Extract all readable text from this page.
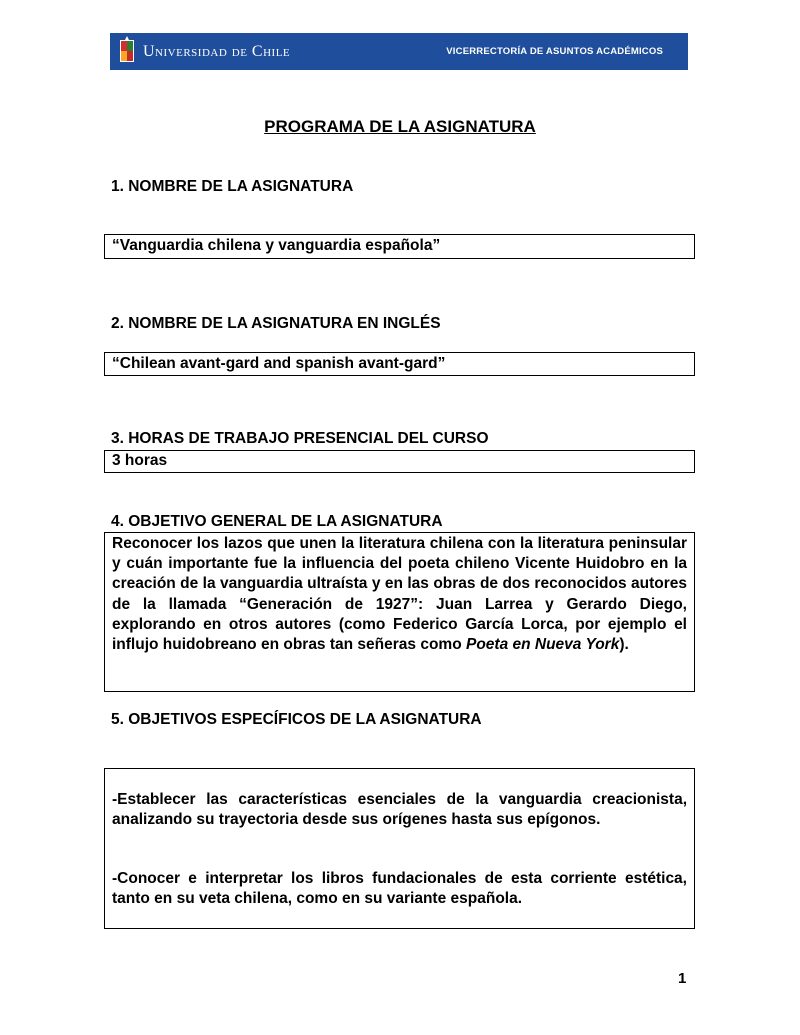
Universidad de Chile	VICERRECTORÍA DE ASUNTOS ACADÉMICOS
PROGRAMA DE LA ASIGNATURA
1. NOMBRE DE LA ASIGNATURA
“Vanguardia chilena y vanguardia española”
2. NOMBRE DE LA ASIGNATURA EN INGLÉS
“Chilean avant-gard and spanish avant-gard”
3. HORAS DE TRABAJO PRESENCIAL DEL CURSO
3 horas
4. OBJETIVO GENERAL DE LA ASIGNATURA
Reconocer los lazos que unen la literatura chilena con la literatura peninsular y cuán importante fue la influencia del poeta chileno Vicente Huidobro en la creación de la vanguardia ultraísta y en las obras de dos reconocidos autores de la llamada “Generación de 1927”: Juan Larrea y Gerardo Diego, explorando en otros autores (como Federico García Lorca, por ejemplo el influjo huidobreano en obras tan señeras como Poeta en Nueva York).
5. OBJETIVOS ESPECÍFICOS DE LA ASIGNATURA
-Establecer las características esenciales de la vanguardia creacionista, analizando su trayectoria desde sus orígenes hasta sus epígonos.
-Conocer e interpretar los libros fundacionales de esta corriente estética, tanto en su veta chilena, como en su variante española.
1
